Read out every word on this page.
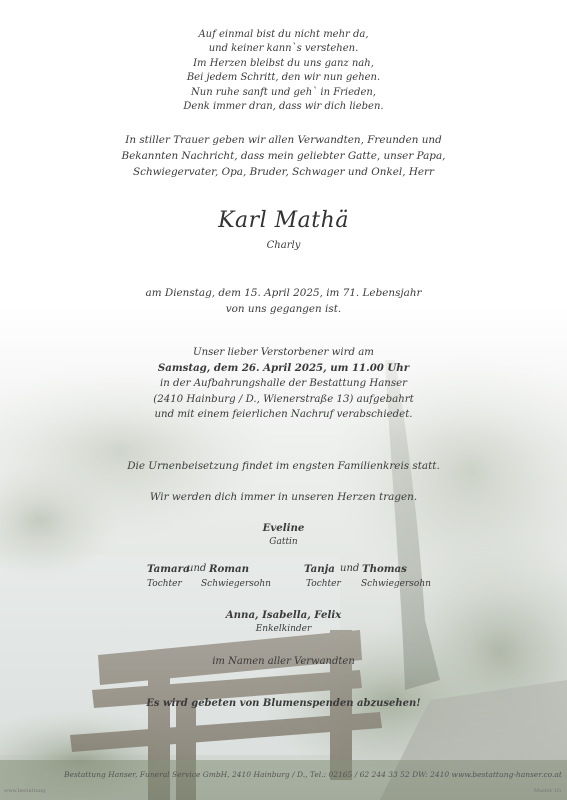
Auf einmal bist du nicht mehr da,
und keiner kann`s verstehen.
Im Herzen bleibst du uns ganz nah,
Bei jedem Schritt, den wir nun gehen.
Nun ruhe sanft und geh` in Frieden,
Denk immer dran, dass wir dich lieben.
In stiller Trauer geben wir allen Verwandten, Freunden und
Bekannten Nachricht, dass mein geliebter Gatte, unser Papa,
Schwiegervater, Opa, Bruder, Schwager und Onkel, Herr
Karl Mathä
Charly
am Dienstag, dem 15. April 2025, im 71. Lebensjahr
von uns gegangen ist.
Unser lieber Verstorbener wird am
Samstag, dem 26. April 2025, um 11.00 Uhr
in der Aufbahrungshalle der Bestattung Hanser
(2410 Hainburg / D., Wienerstraße 13) aufgebahrt
und mit einem feierlichen Nachruf verabschiedet.
Die Urnenbeisetzung findet im engsten Familienkreis statt.
Wir werden dich immer in unseren Herzen tragen.
Eveline
Gattin
Tamara
und Roman
Tochter Schwiegersohn
Tanja und Thomas
Tochter Schwiegersohn
Anna, Isabella, Felix
Enkelkinder
im Namen aller Verwandten
Es wird gebeten von Blumenspenden abzusehen!
Bestattung Hanser, Funeral Service GmbH, 2410 Hainburg / D., Tel.: 02165 / 62 244 33 52 DW: 2410 www.bestattung-hanser.co.at
www.bestattung	Muster 1G
